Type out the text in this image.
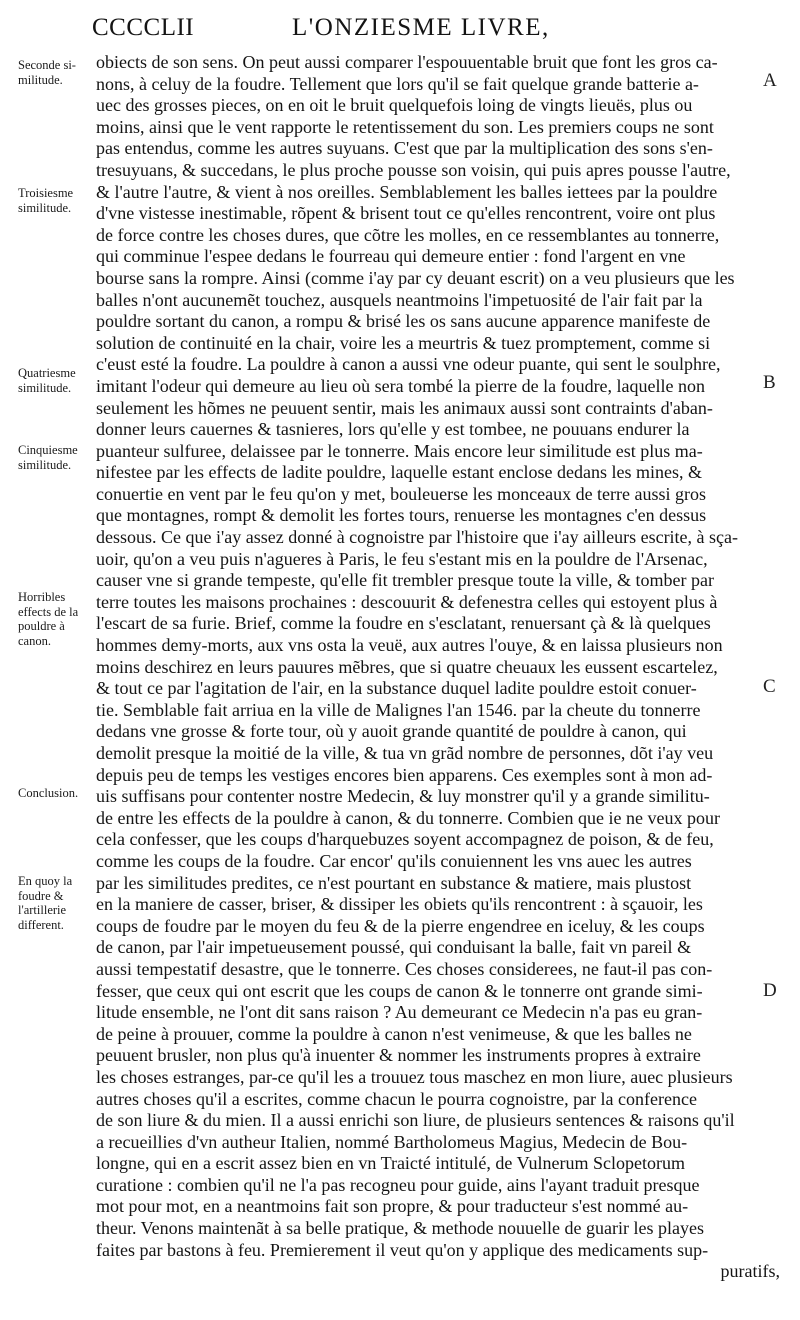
CCCCLII	L'ONZIESME LIVRE,
Seconde si-
militude.
Troisiesme
similitude.
Quatriesme
similitude.
Cinquiesme
similitude.
Horribles
effects de la
pouldre à
canon.
Conclusion.
En quoy la
foudre &
l'artillerie
different.
A
B
C
D
obiects de son sens. On peut aussi comparer l'espouuentable bruit que font les gros ca-
nons, à celuy de la foudre. Tellement que lors qu'il se fait quelque grande batterie a-
uec des grosses pieces, on en oit le bruit quelquefois loing de vingts lieuës, plus ou
moins, ainsi que le vent rapporte le retentissement du son. Les premiers coups ne sont
pas entendus, comme les autres suyuans. C'est que par la multiplication des sons s'en-
tresuyuans, & succedans, le plus proche pousse son voisin, qui puis apres pousse l'autre,
& l'autre l'autre, & vient à nos oreilles. Semblablement les balles iettees par la pouldre
d'vne vistesse inestimable, rõpent & brisent tout ce qu'elles rencontrent, voire ont plus
de force contre les choses dures, que cõtre les molles, en ce ressemblantes au tonnerre,
qui comminue l'espee dedans le fourreau qui demeure entier : fond l'argent en vne
bourse sans la rompre. Ainsi (comme i'ay par cy deuant escrit) on a veu plusieurs que les
balles n'ont aucunemẽt touchez, ausquels neantmoins l'impetuosité de l'air fait par la
pouldre sortant du canon, a rompu & brisé les os sans aucune apparence manifeste de
solution de continuité en la chair, voire les a meurtris & tuez promptement, comme si
c'eust esté la foudre. La pouldre à canon a aussi vne odeur puante, qui sent le soulphre,
imitant l'odeur qui demeure au lieu où sera tombé la pierre de la foudre, laquelle non
seulement les hõmes ne peuuent sentir, mais les animaux aussi sont contraints d'aban-
donner leurs cauernes & tasnieres, lors qu'elle y est tombee, ne pouuans endurer la
puanteur sulfuree, delaissee par le tonnerre. Mais encore leur similitude est plus ma-
nifestee par les effects de ladite pouldre, laquelle estant enclose dedans les mines, &
conuertie en vent par le feu qu'on y met, bouleuerse les monceaux de terre aussi gros
que montagnes, rompt & demolit les fortes tours, renuerse les montagnes c'en dessus
dessous. Ce que i'ay assez donné à cognoistre par l'histoire que i'ay ailleurs escrite, à sça-
uoir, qu'on a veu puis n'agueres à Paris, le feu s'estant mis en la pouldre de l'Arsenac,
causer vne si grande tempeste, qu'elle fit trembler presque toute la ville, & tomber par
terre toutes les maisons prochaines : descouurit & defenestra celles qui estoyent plus à
l'escart de sa furie. Brief, comme la foudre en s'esclatant, renuersant çà & là quelques
hommes demy-morts, aux vns osta la veuë, aux autres l'ouye, & en laissa plusieurs non
moins deschirez en leurs pauures mẽbres, que si quatre cheuaux les eussent escartelez,
& tout ce par l'agitation de l'air, en la substance duquel ladite pouldre estoit conuer-
tie. Semblable fait arriua en la ville de Malignes l'an 1546. par la cheute du tonnerre
dedans vne grosse & forte tour, où y auoit grande quantité de pouldre à canon, qui
demolit presque la moitié de la ville, & tua vn grãd nombre de personnes, dõt i'ay veu
depuis peu de temps les vestiges encores bien apparens. Ces exemples sont à mon ad-
uis suffisans pour contenter nostre Medecin, & luy monstrer qu'il y a grande similitu-
de entre les effects de la pouldre à canon, & du tonnerre. Combien que ie ne veux pour
cela confesser, que les coups d'harquebuzes soyent accompagnez de poison, & de feu,
comme les coups de la foudre. Car encor' qu'ils conuiennent les vns auec les autres
par les similitudes predites, ce n'est pourtant en substance & matiere, mais plustost
en la maniere de casser, briser, & dissiper les obiets qu'ils rencontrent : à sçauoir, les
coups de foudre par le moyen du feu & de la pierre engendree en iceluy, & les coups
de canon, par l'air impetueusement poussé, qui conduisant la balle, fait vn pareil &
aussi tempestatif desastre, que le tonnerre. Ces choses considerees, ne faut-il pas con-
fesser, que ceux qui ont escrit que les coups de canon & le tonnerre ont grande simi-
litude ensemble, ne l'ont dit sans raison ? Au demeurant ce Medecin n'a pas eu gran-
de peine à prouuer, comme la pouldre à canon n'est venimeuse, & que les balles ne
peuuent brusler, non plus qu'à inuenter & nommer les instruments propres à extraire
les choses estranges, par-ce qu'il les a trouuez tous maschez en mon liure, auec plusieurs
autres choses qu'il a escrites, comme chacun le pourra cognoistre, par la conference
de son liure & du mien. Il a aussi enrichi son liure, de plusieurs sentences & raisons qu'il
a recueillies d'vn autheur Italien, nommé Bartholomeus Magius, Medecin de Bou-
longne, qui en a escrit assez bien en vn Traicté intitulé, de Vulnerum Sclopetorum
curatione : combien qu'il ne l'a pas recogneu pour guide, ains l'ayant traduit presque
mot pour mot, en a neantmoins fait son propre, & pour traducteur s'est nommé au-
theur. Venons maintenãt à sa belle pratique, & methode nouuelle de guarir les playes
faites par bastons à feu. Premierement il veut qu'on y applique des medicaments sup-
puratifs,
